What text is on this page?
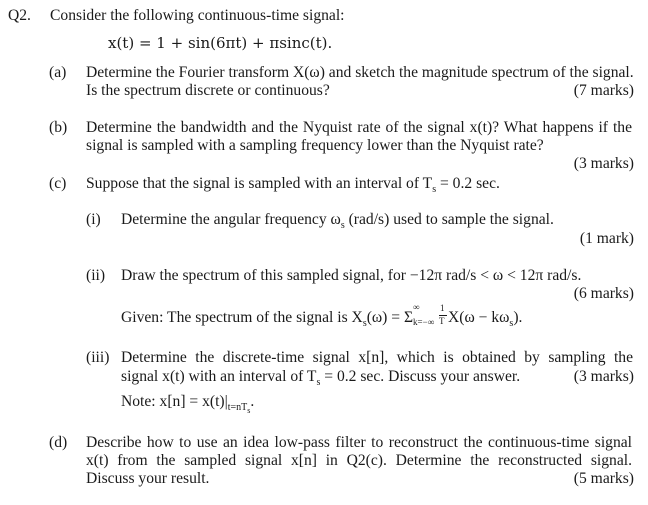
Q2. Consider the following continuous-time signal:
x(t) = 1 + sin(6πt) + πsinc(t).
(a) Determine the Fourier transform X(ω) and sketch the magnitude spectrum of the signal.
Is the spectrum discrete or continuous?	(7 marks)
(b) Determine the bandwidth and the Nyquist rate of the signal x(t)? What happens if the
signal is sampled with a sampling frequency lower than the Nyquist rate?
(3 marks)
(c) Suppose that the signal is sampled with an interval of $T_s = 0.2$ sec.
(i) Determine the angular frequency $\omega_s$ (rad/s) used to sample the signal.
(1 mark)
(ii) Draw the spectrum of this sampled signal, for −12π rad/s < ω < 12π rad/s.
(6 marks)
Given: The spectrum of the signal is $X_s(\omega) = \Sigma$
∞
$k=-\infty \frac{1}{T} X(\omega - k\omega_s)$.
(iii) Determine the discrete-time signal x[n], which is obtained by sampling the
signal x(t) with an interval of $T_s = 0.2$ sec. Discuss your answer.	(3 marks)
Note: $x[n] = x(t)|_{t=nT_s}$.
(d) Describe how to use an idea low-pass filter to reconstruct the continuous-time signal
x(t) from the sampled signal x[n] in Q2(c). Determine the reconstructed signal.
Discuss your result.	(5 marks)
